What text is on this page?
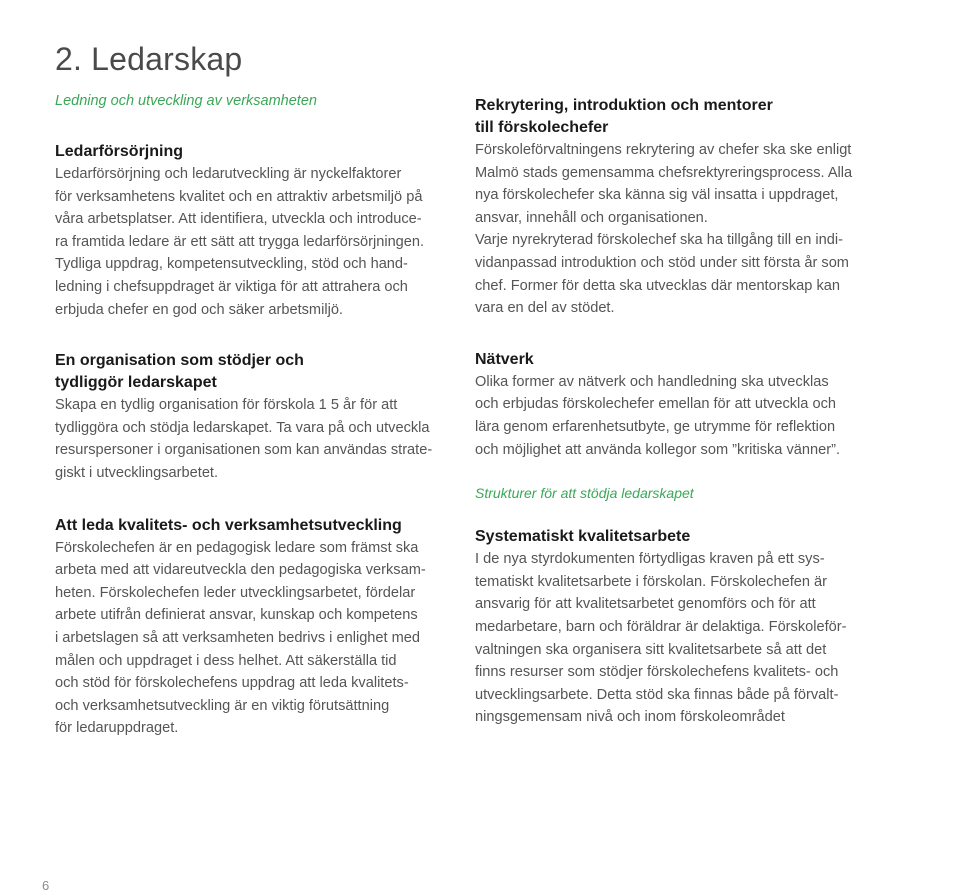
2. Ledarskap
Ledning och utveckling av verksamheten
Ledarförsörjning

Ledarförsörjning och ledarutveckling är nyckelfaktorer
för verksamhetens kvalitet och en attraktiv arbetsmiljö på
våra arbetsplatser. Att identifiera, utveckla och introduce-
ra framtida ledare är ett sätt att trygga ledarförsörjningen.
Tydliga uppdrag, kompetensutveckling, stöd och hand-
ledning i chefsuppdraget är viktiga för att attrahera och
erbjuda chefer en god och säker arbetsmiljö.

En organisation som stödjer och
tydliggör ledarskapet

Skapa en tydlig organisation för förskola 1 5 år för att
tydliggöra och stödja ledarskapet. Ta vara på och utveckla
resurspersoner i organisationen som kan användas strate-
giskt i utvecklingsarbetet.

Att leda kvalitets- och verksamhetsutveckling

Förskolechefen är en pedagogisk ledare som främst ska
arbeta med att vidareutveckla den pedagogiska verksam-
heten. Förskolechefen leder utvecklingsarbetet, fördelar
arbete utifrån definierat ansvar, kunskap och kompetens
i arbetslagen så att verksamheten bedrivs i enlighet med
målen och uppdraget i dess helhet. Att säkerställa tid
och stöd för förskolechefens uppdrag att leda kvalitets-
och verksamhetsutveckling är en viktig förutsättning
för ledaruppdraget.

Rekrytering, introduktion och mentorer
till förskolechefer

Förskoleförvaltningens rekrytering av chefer ska ske enligt
Malmö stads gemensamma chefsrektyreringsprocess. Alla
nya förskolechefer ska känna sig väl insatta i uppdraget,
ansvar, innehåll och organisationen.
Varje nyrekryterad förskolechef ska ha tillgång till en indi-
vidanpassad introduktion och stöd under sitt första år som
chef. Former för detta ska utvecklas där mentorskap kan
vara en del av stödet.

Nätverk

Olika former av nätverk och handledning ska utvecklas
och erbjudas förskolechefer emellan för att utveckla och
lära genom erfarenhetsutbyte, ge utrymme för reflektion
och möjlighet att använda kollegor som ”kritiska vänner”.

Strukturer för att stödja ledarskapet
Systematiskt kvalitetsarbete

I de nya styrdokumenten förtydligas kraven på ett sys-
tematiskt kvalitetsarbete i förskolan. Förskolechefen är
ansvarig för att kvalitetsarbetet genomförs och för att
medarbetare, barn och föräldrar är delaktiga. Förskoleför-
valtningen ska organisera sitt kvalitetsarbete så att det
finns resurser som stödjer förskolechefens kvalitets- och
utvecklingsarbete. Detta stöd ska finnas både på förvalt-
ningsgemensam nivå och inom förskoleområdet

6
